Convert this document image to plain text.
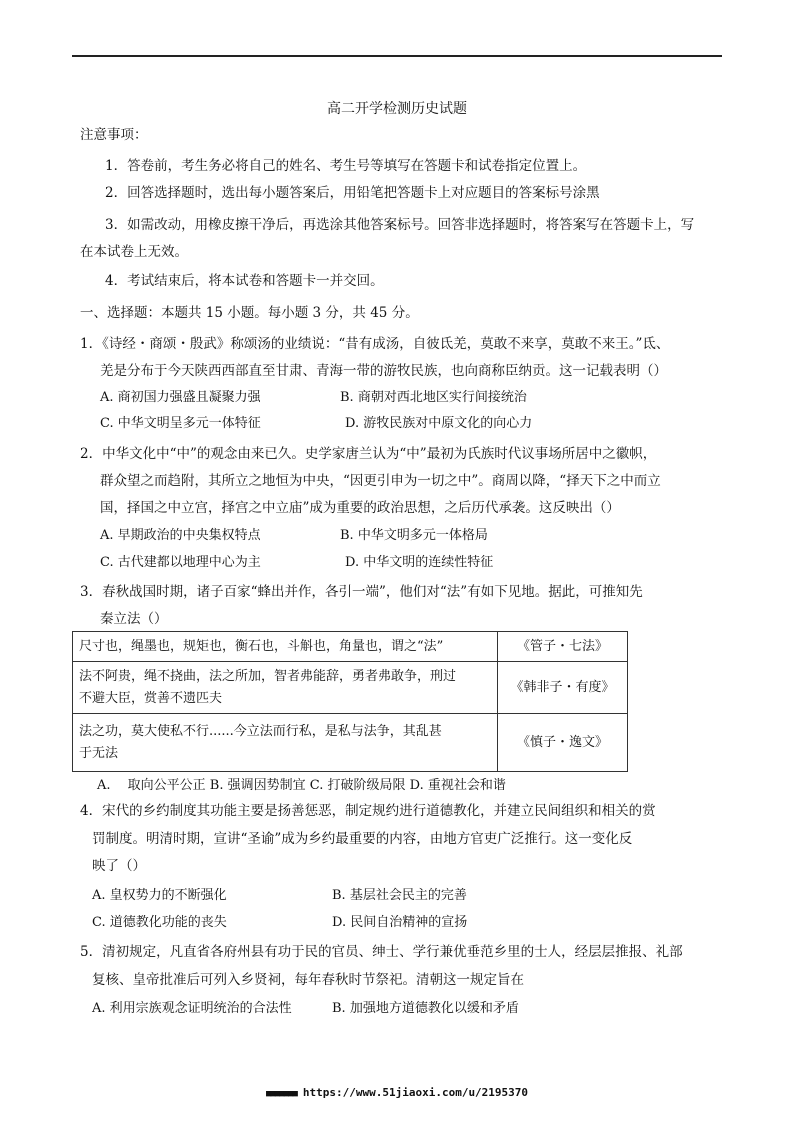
高二开学检测历史试题
注意事项：
1．答卷前，考生务必将自己的姓名、考生号等填写在答题卡和试卷指定位置上。
2．回答选择题时，选出每小题答案后，用铅笔把答题卡上对应题目的答案标号涂黑
3．如需改动，用橡皮擦干净后，再选涂其他答案标号。回答非选择题时，将答案写在答题卡上，写
在本试卷上无效。
4．考试结束后，将本试卷和答题卡一并交回。
一、选择题：本题共 15 小题。每小题 3 分，共 45 分。
1．《诗经・商颂・殷武》称颂汤的业绩说：“昔有成汤，自彼氐羌，莫敢不来享，莫敢不来王。”氐、
羌是分布于今天陕西西部直至甘肃、青海一带的游牧民族，也向商称臣纳贡。这一记载表明（）
A. 商初国力强盛且凝聚力强	B. 商朝对西北地区实行间接统治
C. 中华文明呈多元一体特征	D. 游牧民族对中原文化的向心力
2．中华文化中“中”的观念由来已久。史学家唐兰认为“中”最初为氏族时代议事场所居中之徽帜，
群众望之而趋附，其所立之地恒为中央，“因更引申为一切之中”。商周以降，“择天下之中而立
国，择国之中立宫，择宫之中立庙”成为重要的政治思想，之后历代承袭。这反映出（）
A. 早期政治的中央集权特点	B. 中华文明多元一体格局
C. 古代建都以地理中心为主	D. 中华文明的连续性特征
3．春秋战国时期，诸子百家“蜂出并作，各引一端”，他们对“法”有如下见地。据此，可推知先
秦立法（）
尺寸也，绳墨也，规矩也，衡石也，斗斛也，角量也，谓之“法”	《管子・七法》
法不阿贵，绳不挠曲，法之所加，智者弗能辞，勇者弗敢争，刑过
不避大臣，赏善不遗匹夫	《韩非子・有度》
法之功，莫大使私不行......今立法而行私，是私与法争，其乱甚
于无法	《慎子・逸文》
A.　 取向公平公正 B. 强调因势制宜 C. 打破阶级局限 D. 重视社会和谐
4．宋代的乡约制度其功能主要是扬善惩恶，制定规约进行道德教化，并建立民间组织和相关的赏
罚制度。明清时期，宣讲“圣谕”成为乡约最重要的内容，由地方官吏广泛推行。这一变化反
映了（）
A. 皇权势力的不断强化	B. 基层社会民主的完善
C. 道德教化功能的丧失	D. 民间自治精神的宣扬
5．清初规定，凡直省各府州县有功于民的官员、绅士、学行兼优垂范乡里的士人，经层层推报、礼部
复核、皇帝批准后可列入乡贤祠，每年春秋时节祭祀。清朝这一规定旨在
A. 利用宗族观念证明统治的合法性	B. 加强地方道德教化以缓和矛盾
■■■■■■■ https://www.51jiaoxi.com/u/2195370
